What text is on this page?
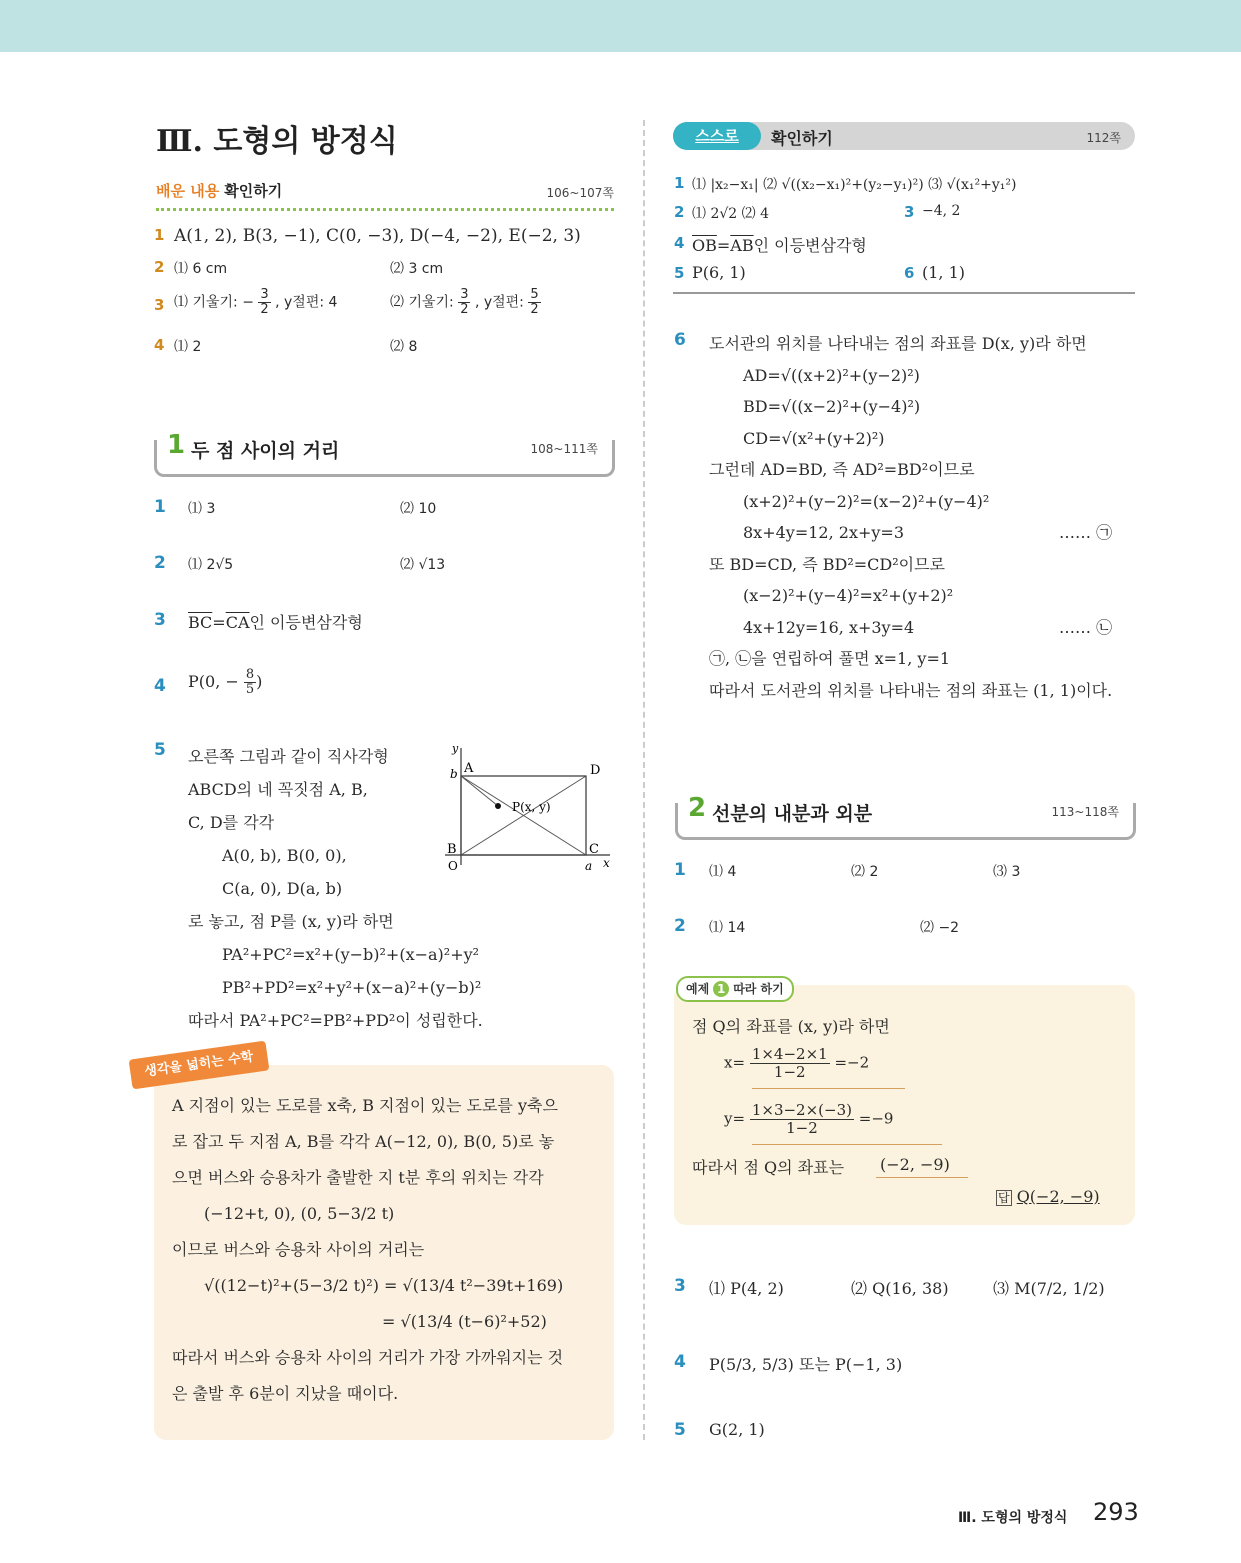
Ⅲ. 도형의 방정식
배운 내용 확인하기	106~107쪽
1 A(1, 2), B(3, −1), C(0, −3), D(−4, −2), E(−2, 3)
2 ⑴ 6 cm	⑵ 3 cm
3 ⑴ 기울기: − $\frac{3}{2}$ , y절편: 4	⑵ 기울기: $\frac{3}{2}$ , y절편: $\frac{5}{2}$
4 ⑴ 2	⑵ 8
1 두 점 사이의 거리	108~111쪽
1 ⑴ 3	⑵ 10
2 ⑴ 2√5	⑵ √13
3 $\overline{BC}=\overline{CA}$인 이등변삼각형
4 P(0, − $\frac{8}{5}$ )
5 오른쪽 그림과 같이 직사각형
ABCD의 네 꼭짓점 A, B,
C, D를 각각
A(0, b), B(0, 0),
C(a, 0), D(a, b)
로 놓고, 점 P를 (x, y)라 하면
PA²+PC²=x²+(y−b)²+(x−a)²+y²
PB²+PD²=x²+y²+(x−a)²+(y−b)²
따라서 PA²+PC²=PB²+PD²이 성립한다.
y
b A	D
P(x, y)
B
O
C
a x
생각을 넓히는 수학
A 지점이 있는 도로를 x축, B 지점이 있는 도로를 y축으
로 잡고 두 지점 A, B를 각각 A(−12, 0), B(0, 5)로 놓
으면 버스와 승용차가 출발한 지 t분 후의 위치는 각각
(−12+t, 0), (0, 5−3/2 t)
이므로 버스와 승용차 사이의 거리는
√((12−t)²+(5−3/2 t)²) = √(13/4 t²−39t+169)
= √(13/4 (t−6)²+52)
따라서 버스와 승용차 사이의 거리가 가장 가까워지는 것
은 출발 후 6분이 지났을 때이다.
스스로	확인하기	112쪽
1 ⑴ |x₂−x₁| ⑵ √((x₂−x₁)²+(y₂−y₁)²) ⑶ √(x₁²+y₁²)
2 ⑴ 2√2 ⑵ 4	3 −4, 2
4 $\overline{OB}=\overline{AB}$인 이등변삼각형
5 P(6, 1)	6 (1, 1)
6 도서관의 위치를 나타내는 점의 좌표를 D(x, y)라 하면
AD=√((x+2)²+(y−2)²)
BD=√((x−2)²+(y−4)²)
CD=√(x²+(y+2)²)
그런데 AD=BD, 즉 AD²=BD²이므로
(x+2)²+(y−2)²=(x−2)²+(y−4)²
8x+4y=12, 2x+y=3	…… ㉠
또 BD=CD, 즉 BD²=CD²이므로
(x−2)²+(y−4)²=x²+(y+2)²
4x+12y=16, x+3y=4	…… ㉡
㉠, ㉡을 연립하여 풀면 x=1, y=1
따라서 도서관의 위치를 나타내는 점의 좌표는 (1, 1)이다.
2 선분의 내분과 외분	113~118쪽
1 ⑴ 4	⑵ 2	⑶ 3
2 ⑴ 14	⑵ −2
예제 1 따라 하기
점 Q의 좌표를 (x, y)라 하면
$x= \frac{1\times 4-2\times 1}{1-2} =-2$
$y= \frac{1\times 3-2\times(-3)}{1-2} =-9$
따라서 점 Q의 좌표는 (−2, −9)
답 Q(−2, −9)
3 ⑴ P(4, 2)	⑵ Q(16, 38)	⑶ M(7/2, 1/2)
4 P(5/3, 5/3) 또는 P(−1, 3)
5 G(2, 1)
Ⅲ. 도형의 방정식 293
